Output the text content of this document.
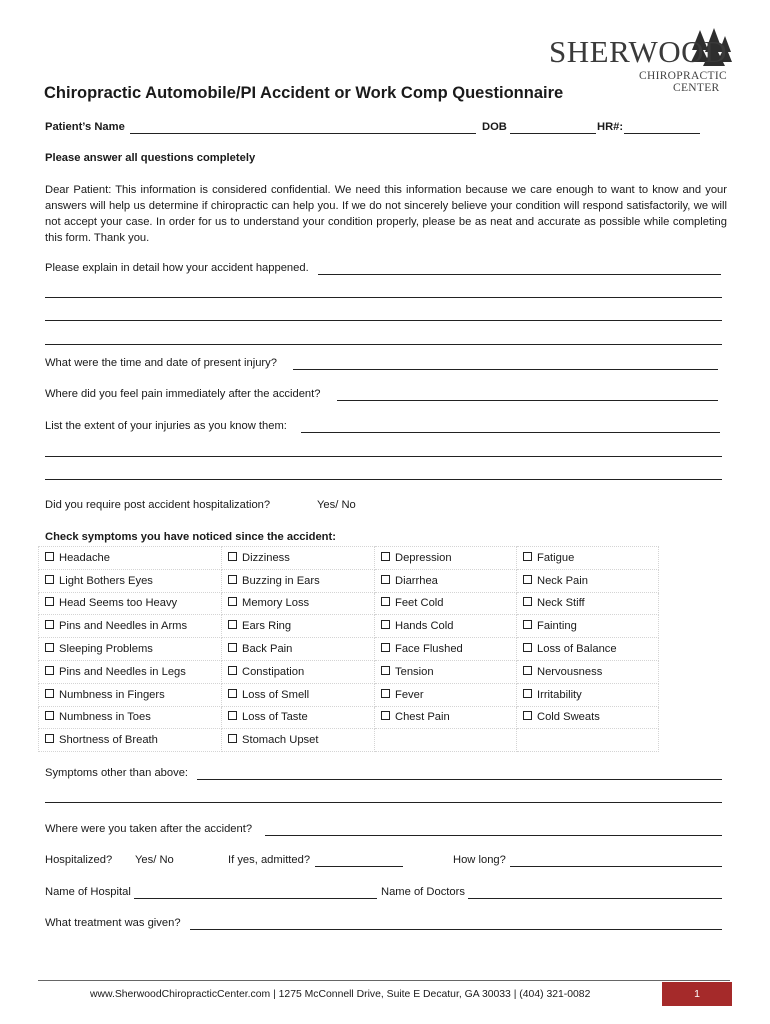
SHERWOOD
CHIROPRACTIC
CENTER
Chiropractic Automobile/PI Accident or Work Comp Questionnaire
Patient’s Name	DOB	HR#:
Please answer all questions completely
Dear Patient: This information is considered confidential. We need this information because we care enough to want to know and your answers will help us determine if chiropractic can help you. If we do not sincerely believe your condition will respond satisfactorily, we will not accept your case. In order for us to understand your condition properly, please be as neat and accurate as possible while completing this form. Thank you.
Please explain in detail how your accident happened.
What were the time and date of present injury?
Where did you feel pain immediately after the accident?
List the extent of your injuries as you know them:
Did you require post accident hospitalization?	Yes/ No
Check symptoms you have noticed since the accident:
Headache	Dizziness	Depression	Fatigue
Light Bothers Eyes	Buzzing in Ears	Diarrhea	Neck Pain
Head Seems too Heavy	Memory Loss	Feet Cold	Neck Stiff
Pins and Needles in Arms	Ears Ring	Hands Cold	Fainting
Sleeping Problems	Back Pain	Face Flushed	Loss of Balance
Pins and Needles in Legs	Constipation	Tension	Nervousness
Numbness in Fingers	Loss of Smell	Fever	Irritability
Numbness in Toes	Loss of Taste	Chest Pain	Cold Sweats
Shortness of Breath	Stomach Upset		
Symptoms other than above:
Where were you taken after the accident?
Hospitalized? Yes/ No	If yes, admitted?	How long?
Name of Hospital	Name of Doctors
What treatment was given?
www.SherwoodChiropracticCenter.com | 1275 McConnell Drive, Suite E Decatur, GA 30033 | (404) 321-0082	1
